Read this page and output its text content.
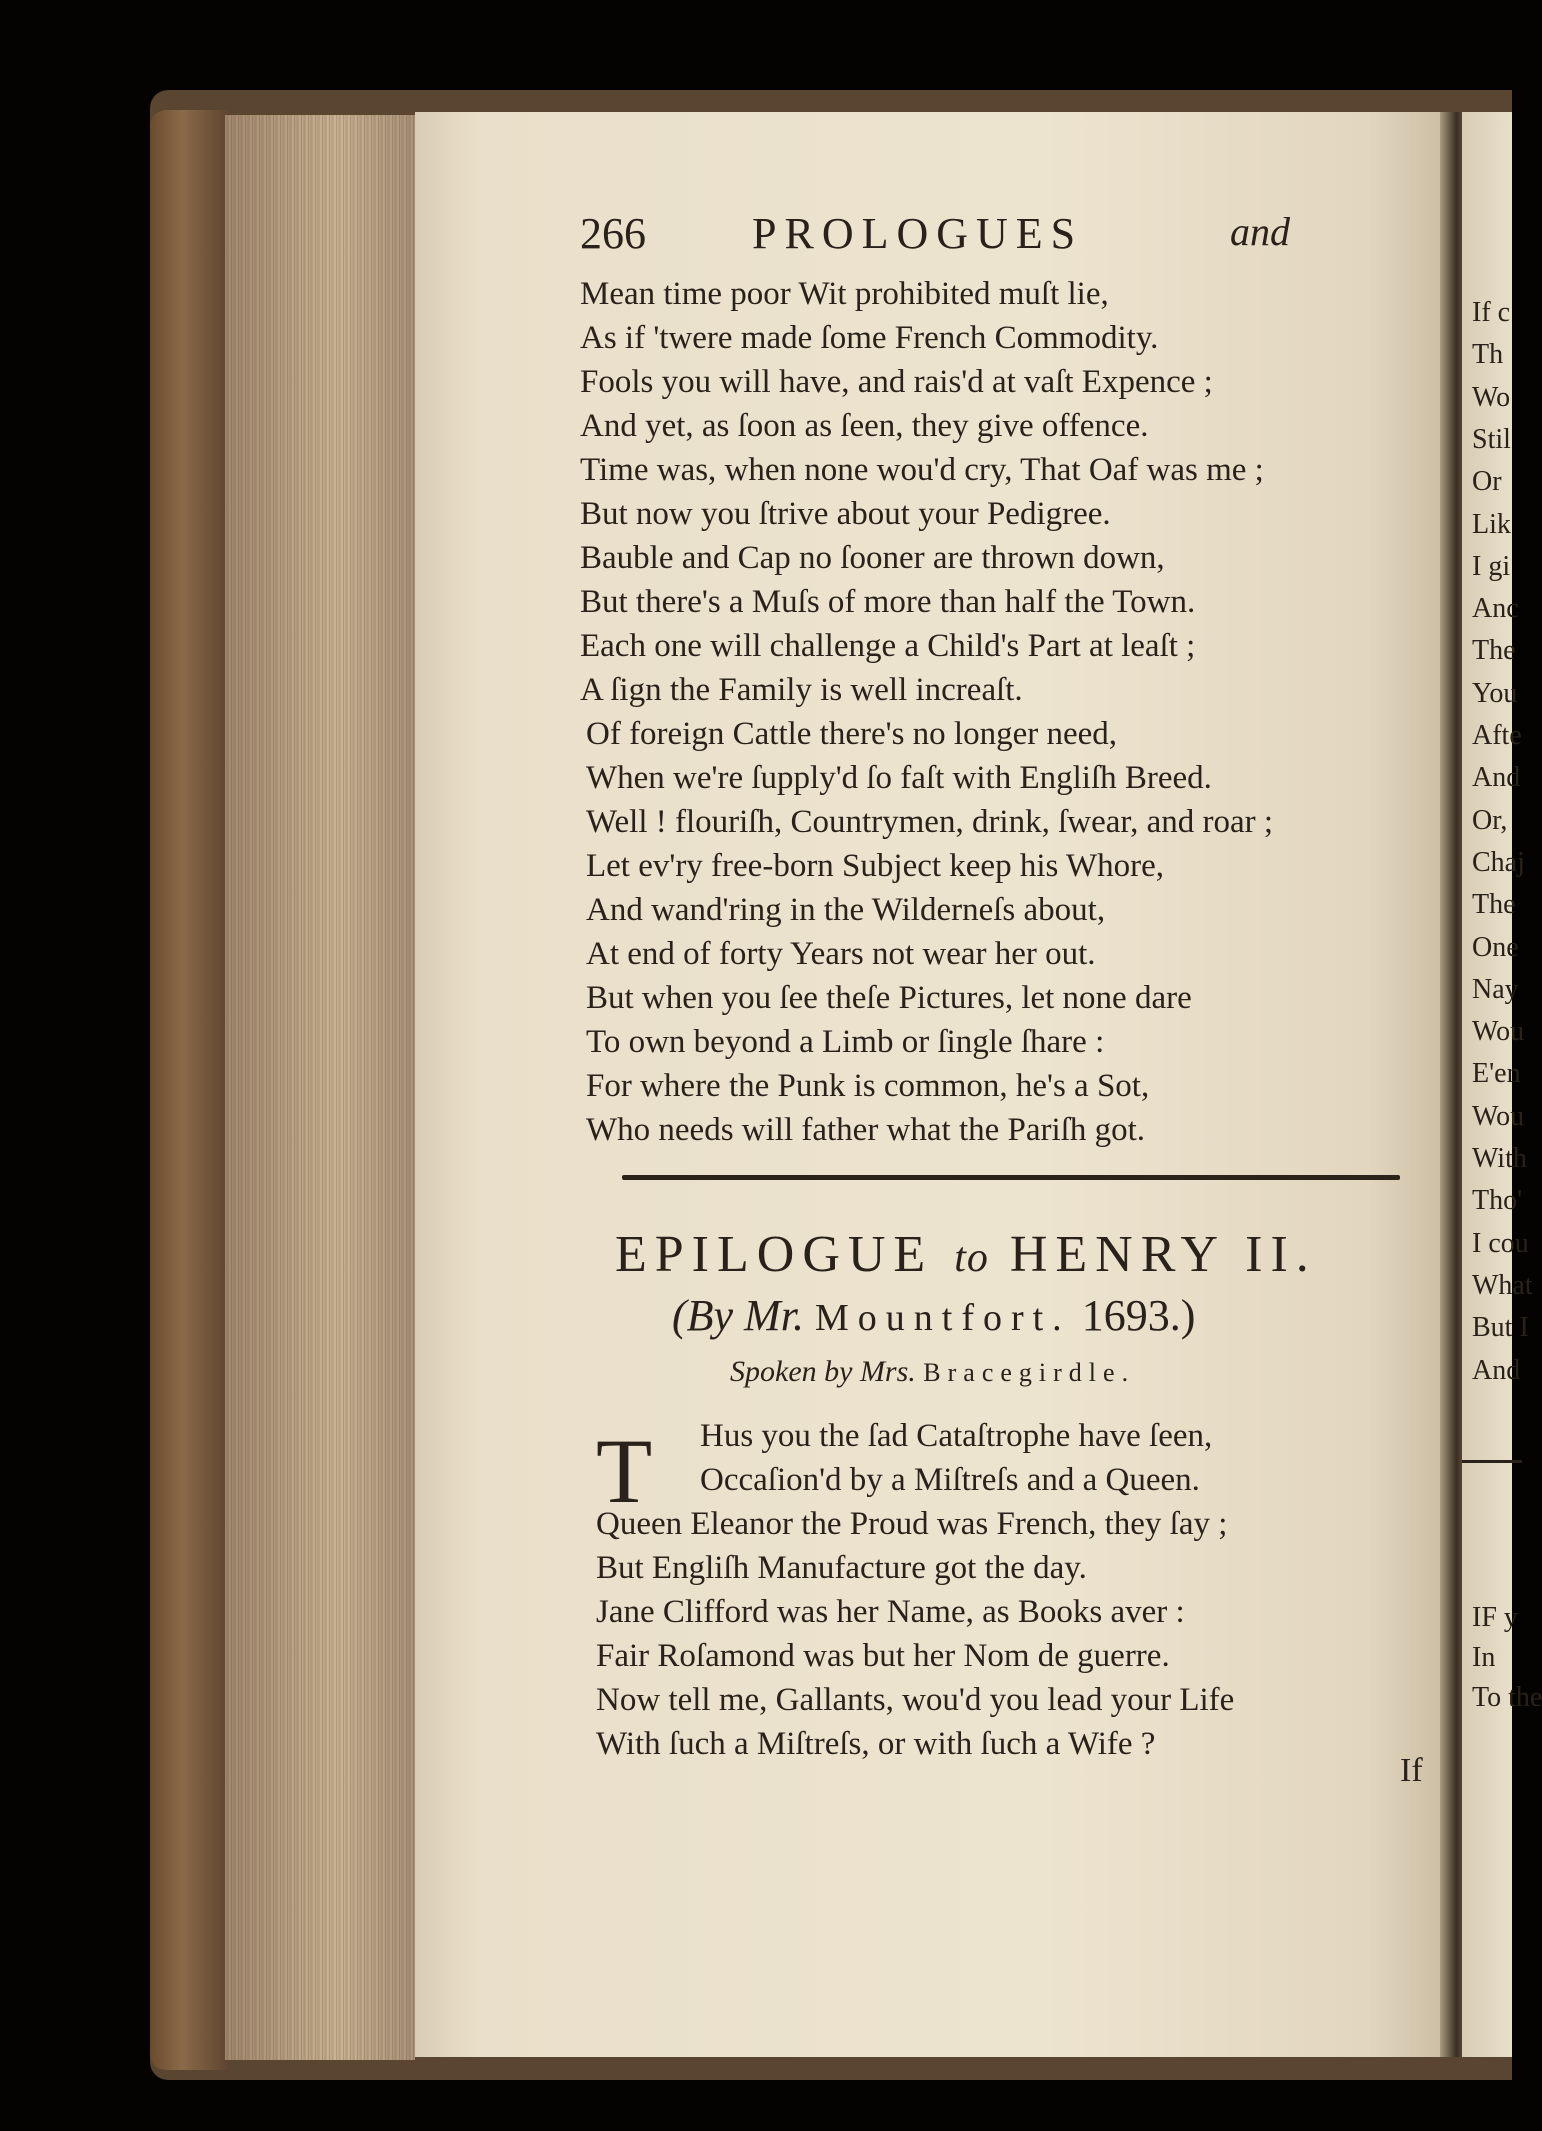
If c
Th
Wo
Stil
Or
Lik
I gi
Anc
The
You
Afte
And
Or,
Chaj
The
One
Nay
Wou
E'en
Wou
With
Tho'
I cou
What
But I
And
IF y
In
To the
266 PROLOGUES	and
Mean time poor Wit prohibited muſt lie,
As if 'twere made ſome French Commodity.
Fools you will have, and rais'd at vaſt Expence ;
And yet, as ſoon as ſeen, they give offence.
Time was, when none wou'd cry, That Oaf was me ;
But now you ſtrive about your Pedigree.
Bauble and Cap no ſooner are thrown down,
But there's a Muſs of more than half the Town.
Each one will challenge a Child's Part at leaſt ;
A ſign the Family is well increaſt.
Of foreign Cattle there's no longer need,
When we're ſupply'd ſo faſt with Engliſh Breed.
Well ! flouriſh, Countrymen, drink, ſwear, and roar ;
Let ev'ry free-born Subject keep his Whore,
And wand'ring in the Wilderneſs about,
At end of forty Years not wear her out.
But when you ſee theſe Pictures, let none dare
To own beyond a Limb or ſingle ſhare :
For where the Punk is common, he's a Sot,
Who needs will father what the Pariſh got.
EPILOGUE to HENRY II.
(By Mr. Mountfort. 1693.)
Spoken by Mrs. Bracegirdle.
T Hus you the ſad Cataſtrophe have ſeen,
Occaſion'd by a Miſtreſs and a Queen.
Queen Eleanor the Proud was French, they ſay ;
But Engliſh Manufacture got the day.
Jane Clifford was her Name, as Books aver :
Fair Roſamond was but her Nom de guerre.
Now tell me, Gallants, wou'd you lead your Life
With ſuch a Miſtreſs, or with ſuch a Wife ?
If
